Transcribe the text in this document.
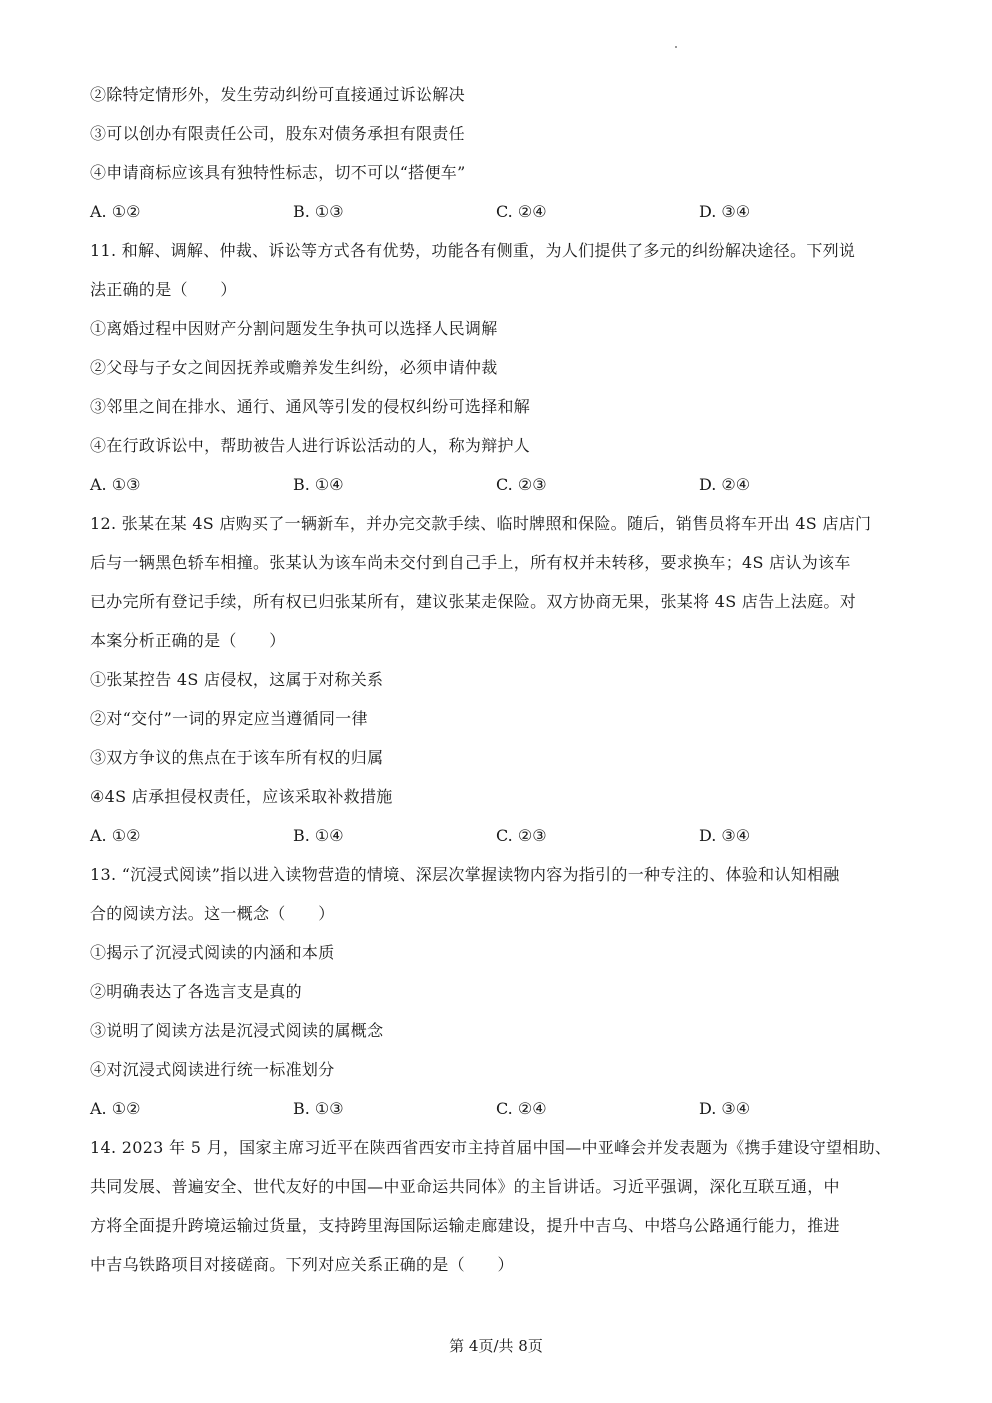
②除特定情形外，发生劳动纠纷可直接通过诉讼解决
③可以创办有限责任公司，股东对债务承担有限责任
④申请商标应该具有独特性标志，切不可以“搭便车”
A. ①②	B. ①③	C. ②④	D. ③④
11. 和解、调解、仲裁、诉讼等方式各有优势，功能各有侧重，为人们提供了多元的纠纷解决途径。下列说
法正确的是（　　）
①离婚过程中因财产分割问题发生争执可以选择人民调解
②父母与子女之间因抚养或赡养发生纠纷，必须申请仲裁
③邻里之间在排水、通行、通风等引发的侵权纠纷可选择和解
④在行政诉讼中，帮助被告人进行诉讼活动的人，称为辩护人
A. ①③	B. ①④	C. ②③	D. ②④
12. 张某在某 4S 店购买了一辆新车，并办完交款手续、临时牌照和保险。随后，销售员将车开出 4S 店店门
后与一辆黑色轿车相撞。张某认为该车尚未交付到自己手上，所有权并未转移，要求换车；4S 店认为该车
已办完所有登记手续，所有权已归张某所有，建议张某走保险。双方协商无果，张某将 4S 店告上法庭。对
本案分析正确的是（　　）
①张某控告 4S 店侵权，这属于对称关系
②对“交付”一词的界定应当遵循同一律
③双方争议的焦点在于该车所有权的归属
④4S 店承担侵权责任，应该采取补救措施
A. ①②	B. ①④	C. ②③	D. ③④
13. “沉浸式阅读”指以进入读物营造的情境、深层次掌握读物内容为指引的一种专注的、体验和认知相融
合的阅读方法。这一概念（　　）
①揭示了沉浸式阅读的内涵和本质
②明确表达了各选言支是真的
③说明了阅读方法是沉浸式阅读的属概念
④对沉浸式阅读进行统一标准划分
A. ①②	B. ①③	C. ②④	D. ③④
14. 2023 年 5 月，国家主席习近平在陕西省西安市主持首届中国—中亚峰会并发表题为《携手建设守望相助、
共同发展、普遍安全、世代友好的中国—中亚命运共同体》的主旨讲话。习近平强调，深化互联互通，中
方将全面提升跨境运输过货量，支持跨里海国际运输走廊建设，提升中吉乌、中塔乌公路通行能力，推进
中吉乌铁路项目对接磋商。下列对应关系正确的是（　　）
第 4页/共 8页
